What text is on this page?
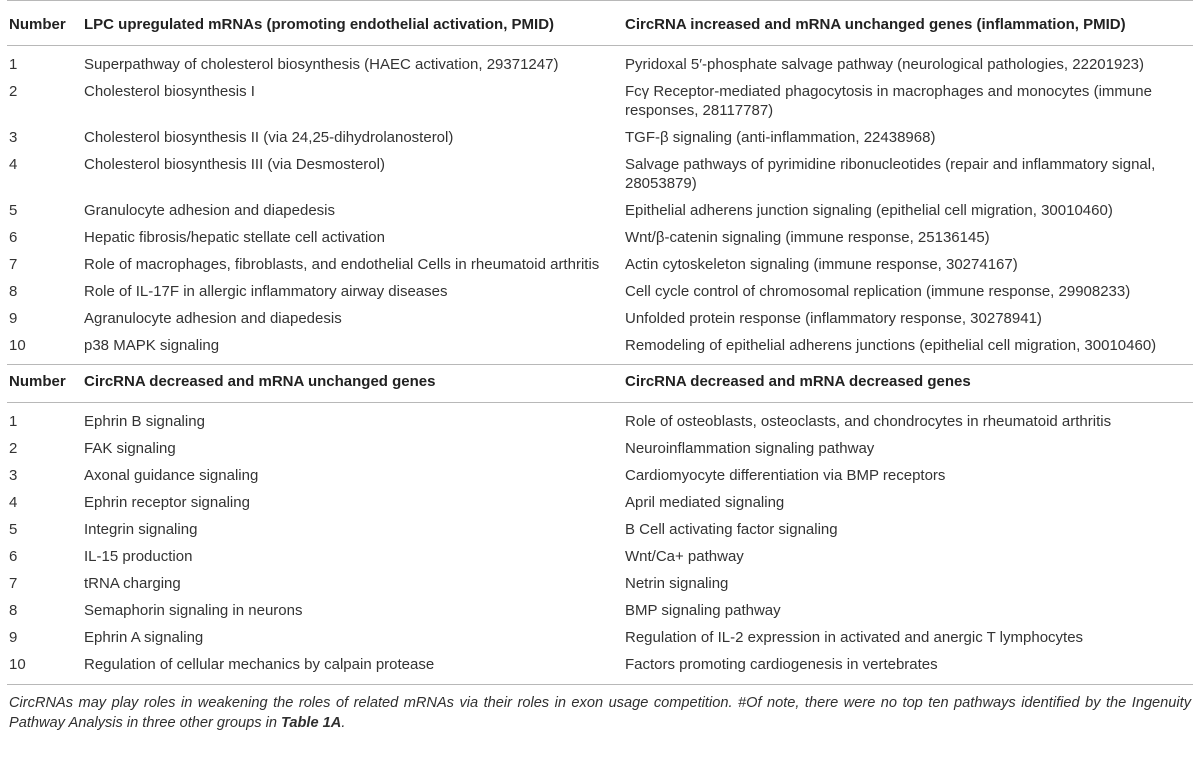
Number	LPC upregulated mRNAs (promoting endothelial activation, PMID)	CircRNA increased and mRNA unchanged genes (inflammation, PMID)
1	Superpathway of cholesterol biosynthesis (HAEC activation, 29371247)	Pyridoxal 5′-phosphate salvage pathway (neurological pathologies, 22201923)
2	Cholesterol biosynthesis I	Fcγ Receptor-mediated phagocytosis in macrophages and monocytes (immune responses, 28117787)
3	Cholesterol biosynthesis II (via 24,25-dihydrolanosterol)	TGF-β signaling (anti-inflammation, 22438968)
4	Cholesterol biosynthesis III (via Desmosterol)	Salvage pathways of pyrimidine ribonucleotides (repair and inflammatory signal, 28053879)
5	Granulocyte adhesion and diapedesis	Epithelial adherens junction signaling (epithelial cell migration, 30010460)
6	Hepatic fibrosis/hepatic stellate cell activation	Wnt/β-catenin signaling (immune response, 25136145)
7	Role of macrophages, fibroblasts, and endothelial Cells in rheumatoid arthritis	Actin cytoskeleton signaling (immune response, 30274167)
8	Role of IL-17F in allergic inflammatory airway diseases	Cell cycle control of chromosomal replication (immune response, 29908233)
9	Agranulocyte adhesion and diapedesis	Unfolded protein response (inflammatory response, 30278941)
10	p38 MAPK signaling	Remodeling of epithelial adherens junctions (epithelial cell migration, 30010460)
Number	CircRNA decreased and mRNA unchanged genes	CircRNA decreased and mRNA decreased genes
1	Ephrin B signaling	Role of osteoblasts, osteoclasts, and chondrocytes in rheumatoid arthritis
2	FAK signaling	Neuroinflammation signaling pathway
3	Axonal guidance signaling	Cardiomyocyte differentiation via BMP receptors
4	Ephrin receptor signaling	April mediated signaling
5	Integrin signaling	B Cell activating factor signaling
6	IL-15 production	Wnt/Ca+ pathway
7	tRNA charging	Netrin signaling
8	Semaphorin signaling in neurons	BMP signaling pathway
9	Ephrin A signaling	Regulation of IL-2 expression in activated and anergic T lymphocytes
10	Regulation of cellular mechanics by calpain protease	Factors promoting cardiogenesis in vertebrates

CircRNAs may play roles in weakening the roles of related mRNAs via their roles in exon usage competition. #Of note, there were no top ten pathways identified by the Ingenuity Pathway Analysis in three other groups in Table 1A.
